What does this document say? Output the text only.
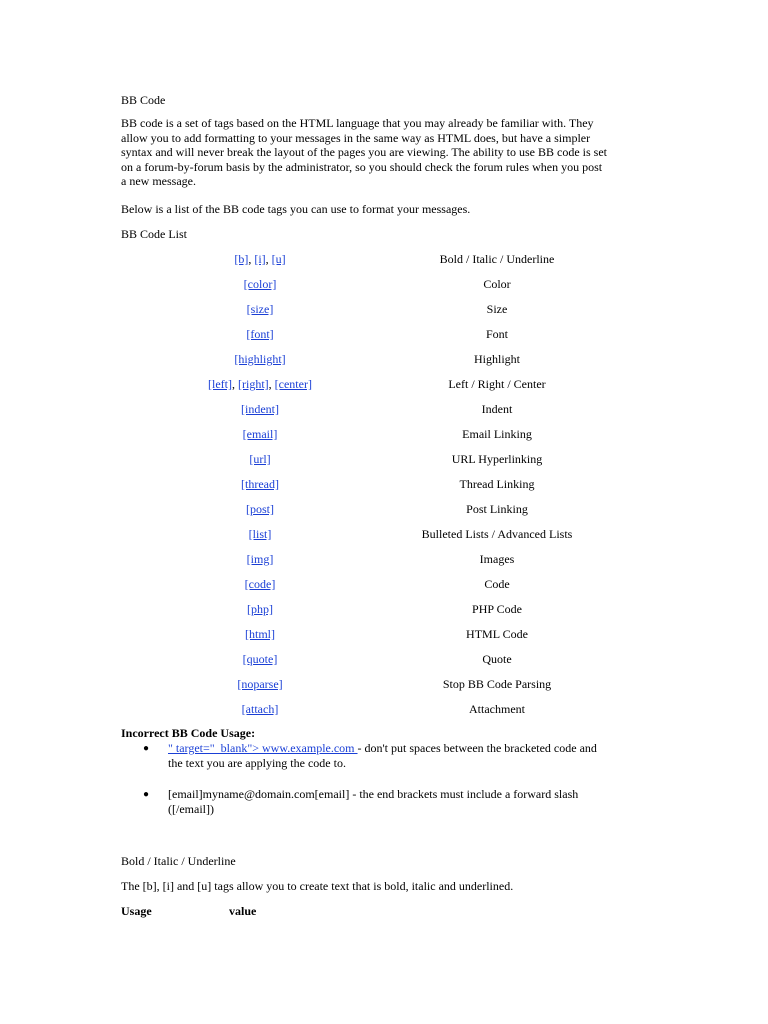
BB Code

BB code is a set of tags based on the HTML language that you may already be familiar with. They

allow you to add formatting to your messages in the same way as HTML does, but have a simpler

syntax and will never break the layout of the pages you are viewing. The ability to use BB code is set

on a forum-by-forum basis by the administrator, so you should check the forum rules when you post

a new message.

Below is a list of the BB code tags you can use to format your messages.
BB Code List
[b], [i], [u]	Bold / Italic / Underline
[color]	Color
[size]	Size
[font]	Font
[highlight]	Highlight
[left], [right], [center]	Left / Right / Center
[indent]	Indent
[email]	Email Linking
[url]	URL Hyperlinking
[thread]	Thread Linking
[post]	Post Linking
[list]	Bulleted Lists / Advanced Lists
[img]	Images
[code]	Code
[php]	PHP Code
[html]	HTML Code
[quote]	Quote
[noparse]	Stop BB Code Parsing
[attach]	Attachment
Incorrect BB Code Usage:
● " target="_blank"> www.example.com - don't put spaces between the bracketed code and

the text you are applying the code to.

● [email]myname@domain.com[email] - the end brackets must include a forward slash

([/email])

Bold / Italic / Underline
The [b], [i] and [u] tags allow you to create text that is bold, italic and underlined.
Usage	value
